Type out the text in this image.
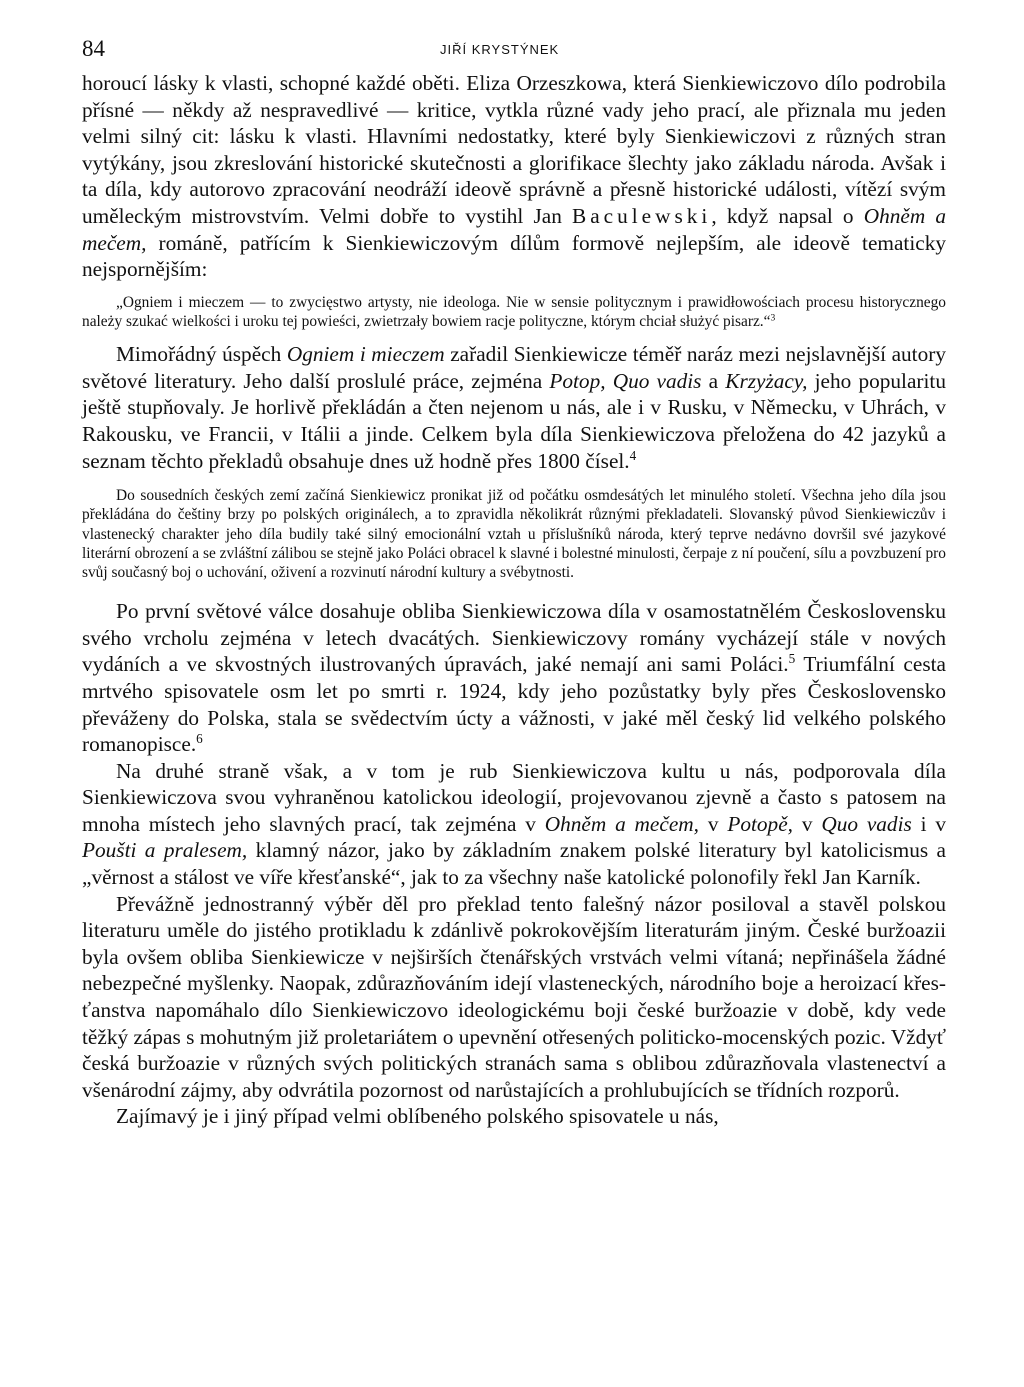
84	JIŘÍ KRYSTÝNEK

horoucí lásky k vlasti, schopné každé oběti. Eliza Orzeszkowa, která Sienkiewiczovo dílo podrobila přísné — někdy až nespravedlivé — kritice, vytkla různé vady jeho prací, ale přiznala mu jeden velmi silný cit: lásku k vlasti. Hlavními nedostatky, které byly Sienkiewiczovi z různých stran vytýkány, jsou zkreslování historické skutečnosti a glorifikace šlechty jako základu národa. Avšak i ta díla, kdy autorovo zpracování neodráží ideově správně a přesně historické události, vítězí svým uměleckým mistrovstvím. Velmi dobře to vystihl Jan Baculewski, když napsal o Ohněm a mečem, románě, patřícím k Sienkiewiczovým dílům formově nejlepším, ale ideově tematicky nejspornějším:

„Ogniem i mieczem — to zwycięstwo artysty, nie ideologa. Nie w sensie politycznym i prawidłowościach procesu historycznego należy szukać wielkości i uroku tej powieści, zwietrzały bowiem racje polityczne, którym chciał służyć pisarz.“$^3$

Mimořádný úspěch Ogniem i mieczem zařadil Sienkiewicze téměř naráz mezi nejslavnější autory světové literatury. Jeho další proslulé práce, zejména Potop, Quo vadis a Krzyżacy, jeho popularitu ještě stupňovaly. Je horlivě překládán a čten nejenom u nás, ale i v Rusku, v Německu, v Uhrách, v Rakousku, ve Francii, v Itálii a jinde. Celkem byla díla Sienkiewiczova přeložena do 42 jazyků a seznam těchto překladů obsahuje dnes už hodně přes 1800 čísel.$^4$

Do sousedních českých zemí začíná Sienkiewicz pronikat již od počátku osmdesátých let minulého století. Všechna jeho díla jsou překládána do češtiny brzy po polských originálech, a to zpravidla několikrát různými překladateli. Slovanský původ Sienkiewiczův i vlastenecký charakter jeho díla budily také silný emocionální vztah u příslušníků národa, který teprve nedávno dovršil své jazykové literární obrození a se zvláštní zálibou se stejně jako Poláci obracel k slavné i bolestné minulosti, čerpaje z ní poučení, sílu a povzbuzení pro svůj současný boj o uchování, oživení a rozvinutí národní kultury a svébytnosti.

Po první světové válce dosahuje obliba Sienkiewiczowa díla v osamostatnělém Československu svého vrcholu zejména v letech dvacátých. Sienkiewiczovy romány vycházejí stále v nových vydáních a ve skvostných ilustrovaných úpravách, jaké nemají ani sami Poláci.$^5$ Triumfální cesta mrtvého spisovatele osm let po smrti r. 1924, kdy jeho pozůstatky byly přes Československo převáženy do Polska, stala se svědectvím úcty a vážnosti, v jaké měl český lid velkého polského romanopisce.$^6$

Na druhé straně však, a v tom je rub Sienkiewiczova kultu u nás, podporovala díla Sienkiewiczova svou vyhraněnou katolickou ideologií, projevovanou zjevně a často s patosem na mnoha místech jeho slavných prací, tak zejména v Ohněm a mečem, v Potopě, v Quo vadis i v Poušti a pralesem, klamný názor, jako by základním znakem polské literatury byl katolicismus a „věrnost a stálost ve víře křesťanské“, jak to za všechny naše katolické polonofily řekl Jan Karník.

Převážně jednostranný výběr děl pro překlad tento falešný názor posiloval a stavěl polskou literaturu uměle do jistého protikladu k zdánlivě pokrokovějším literaturám jiným. České buržoazii byla ovšem obliba Sienkiewicze v nejširších čtenářských vrstvách velmi vítaná; nepřinášela žádné nebezpečné myšlenky. Naopak, zdůrazňováním idejí vlasteneckých, národního boje a heroizací křesťanstva napomáhalo dílo Sienkiewiczovo ideologickému boji české buržoazie v době, kdy vede těžký zápas s mohutným již proletariátem o upevnění otřesených politicko-mocenských pozic. Vždyť česká buržoazie v různých svých politických stranách sama s oblibou zdůrazňovala vlastenectví a všenárodní zájmy, aby odvrátila pozornost od narůstajících a prohlubujících se třídních rozporů.

Zajímavý je i jiný případ velmi oblíbeného polského spisovatele u nás,
